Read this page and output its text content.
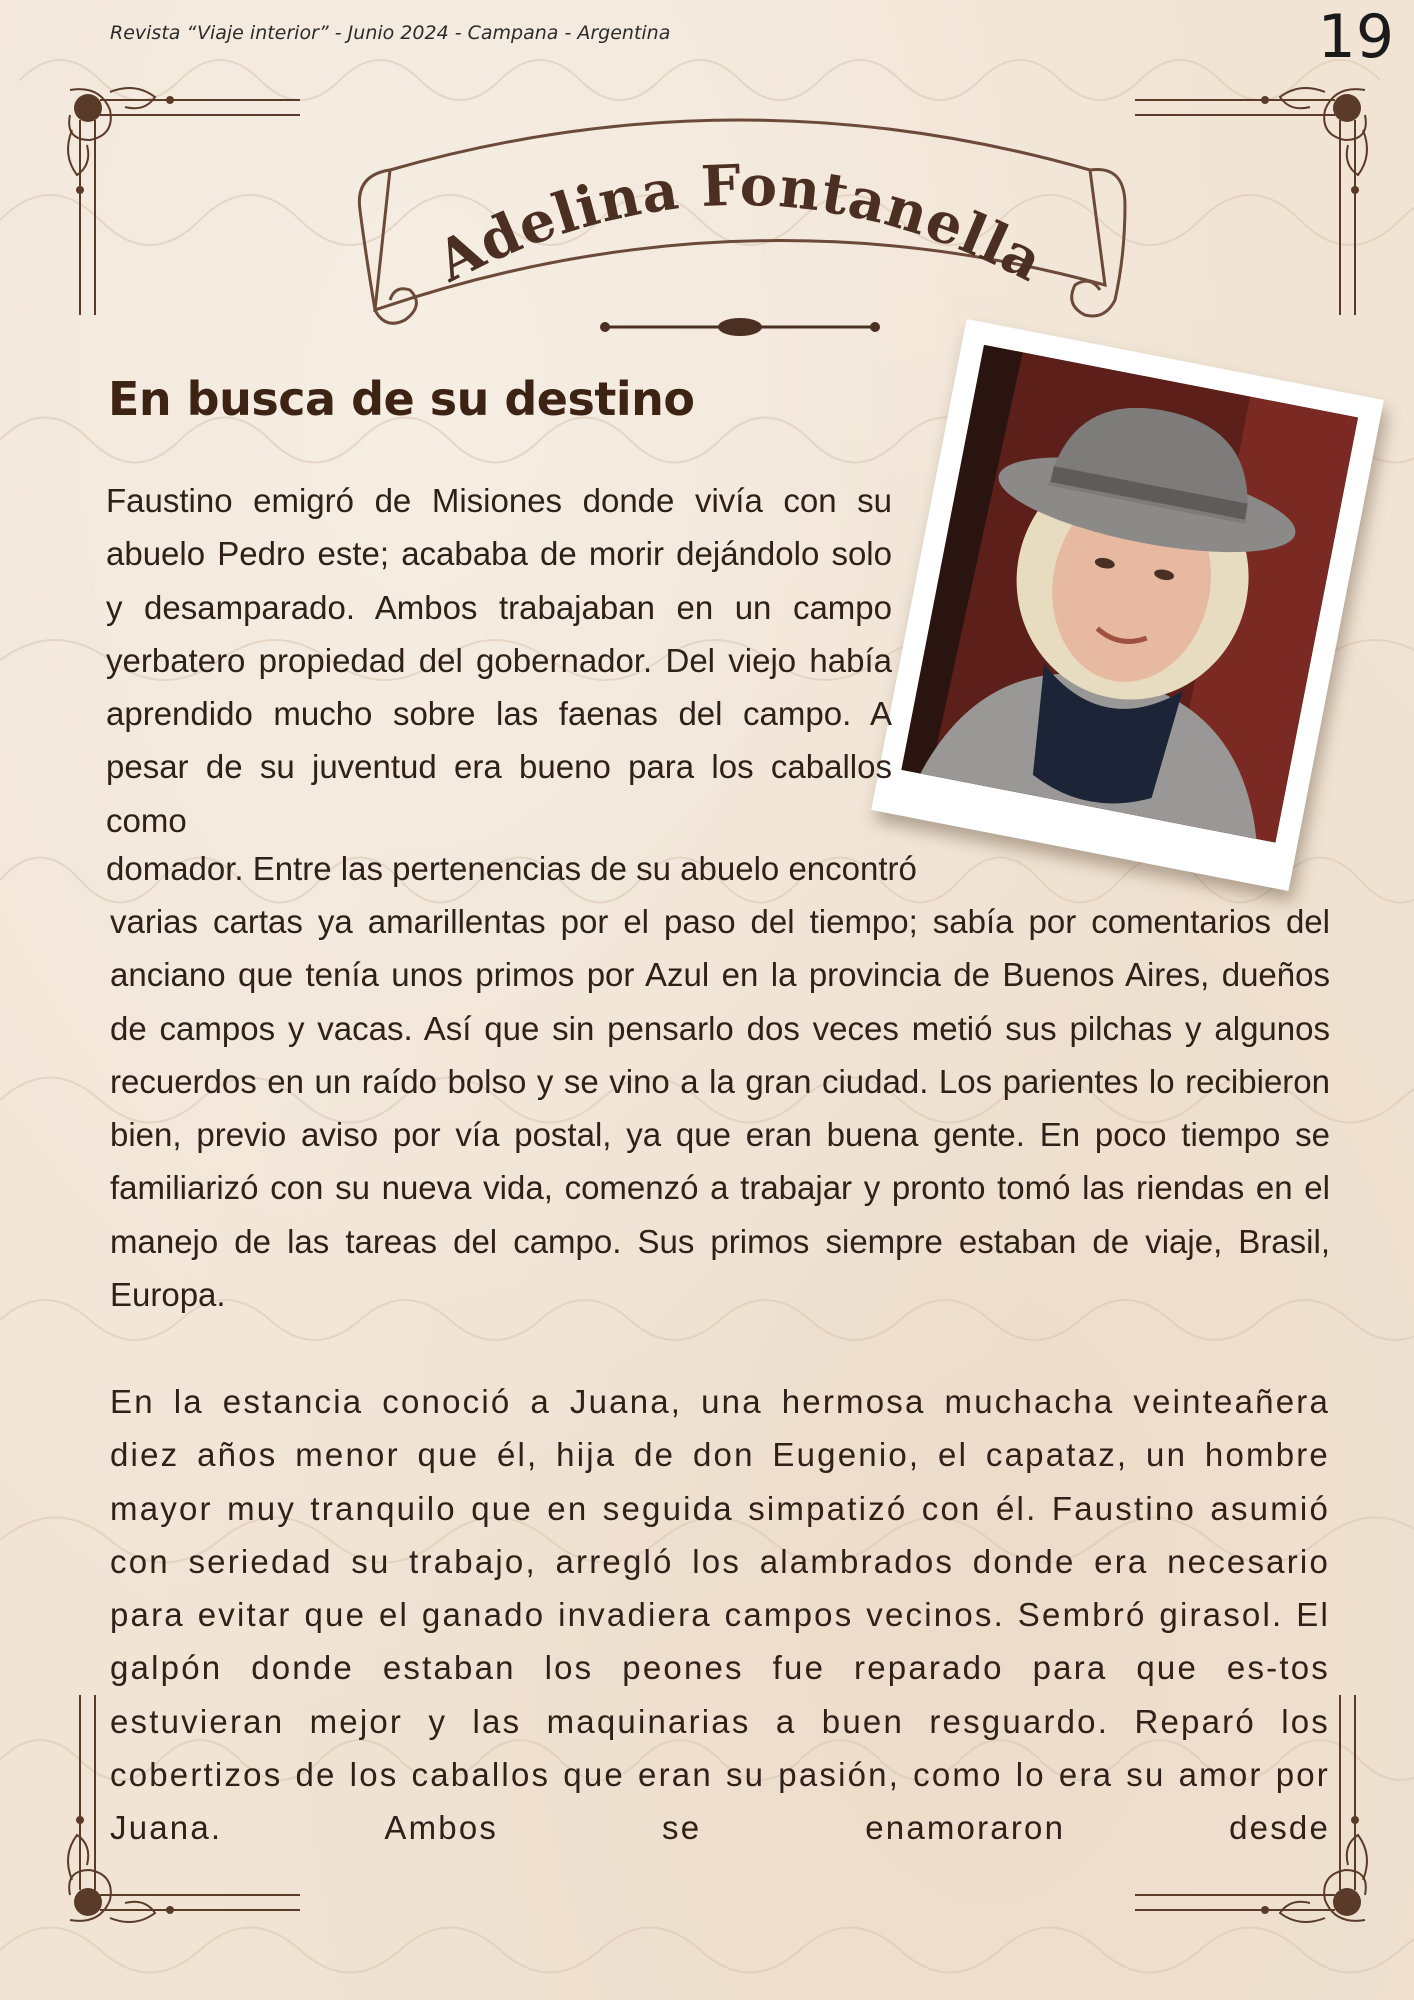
Revista “Viaje interior” - Junio 2024 - Campana - Argentina	19
Adelina Fontanella
En busca de su destino
Faustino emigró de Misiones donde vivía con su abuelo Pedro este; acababa de morir dejándolo solo y desamparado. Ambos trabajaban en un campo yerbatero propiedad del gobernador. Del viejo había aprendido mucho sobre las faenas del campo. A pesar de su juventud era bueno para los caballos como
domador. Entre las pertenencias de su abuelo encontró
varias cartas ya amarillentas por el paso del tiempo; sabía por comentarios del anciano que tenía unos primos por Azul en la provincia de Buenos Aires, dueños de campos y vacas. Así que sin pensarlo dos veces metió sus pilchas y algunos recuerdos en un raído bolso y se vino a la gran ciudad. Los parientes lo recibieron bien, previo aviso por vía postal, ya que eran buena gente. En poco tiempo se familiarizó con su nueva vida, comenzó a trabajar y pronto tomó las riendas en el manejo de las tareas del campo. Sus primos siempre estaban de viaje, Brasil, Europa.
En la estancia conoció a Juana, una hermosa muchacha veinteañera diez años menor que él, hija de don Eugenio, el capataz, un hombre mayor muy tranquilo que en seguida simpatizó con él. Faustino asumió con seriedad su trabajo, arregló los alambrados donde era necesario para evitar que el ganado invadiera campos vecinos. Sembró girasol. El galpón donde estaban los peones fue reparado para que es-tos estuvieran mejor y las maquinarias a buen resguardo. Reparó los cobertizos de los caballos que eran su pasión, como lo era su amor por Juana. Ambos se enamoraron desde
